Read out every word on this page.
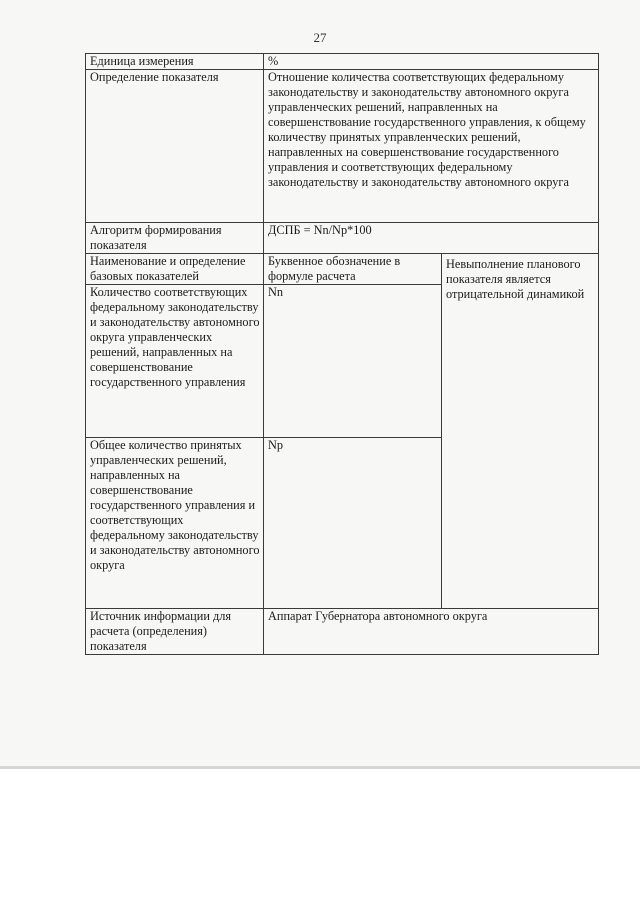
27
Единица измерения	%	
Определение показателя	Отношение количества соответствующих федеральному законодательству и законодательству автономного округа управленческих решений, направленных на совершенствование государственного управления, к общему количеству принятых управленческих решений, направленных на совершенствование государственного управления и соответствующих федеральному законодательству и законодательству автономного округа	
Алгоритм формирования показателя	ДСПБ = Nn/Np*100	
Наименование и определение базовых показателей	Буквенное обозначение в формуле расчета	Невыполнение планового показателя является отрицательной динамикой
Количество соответствующих федеральному законодательству и законодательству автономного округа управленческих решений, направленных на совершенствование государственного управления	Nn	
Общее количество принятых управленческих решений, направленных на совершенствование государственного управления и соответствующих федеральному законодательству и законодательству автономного округа	Np	
Источник информации для расчета (определения) показателя	Аппарат Губернатора автономного округа	
